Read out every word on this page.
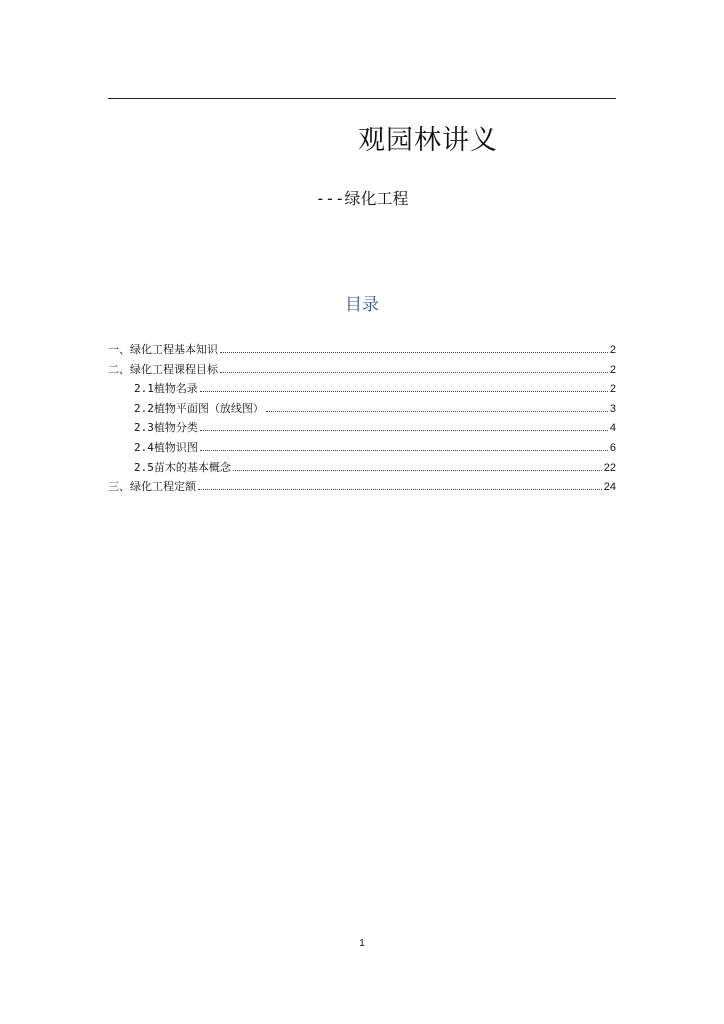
观园林讲义
---绿化工程
目录
一、绿化工程基本知识	2
二、绿化工程课程目标	2
2.1植物名录	2
2.2植物平面图（放线图）	3
2.3植物分类	4
2.4植物识图	6
2.5苗木的基本概念	22
三、绿化工程定额	24
1
